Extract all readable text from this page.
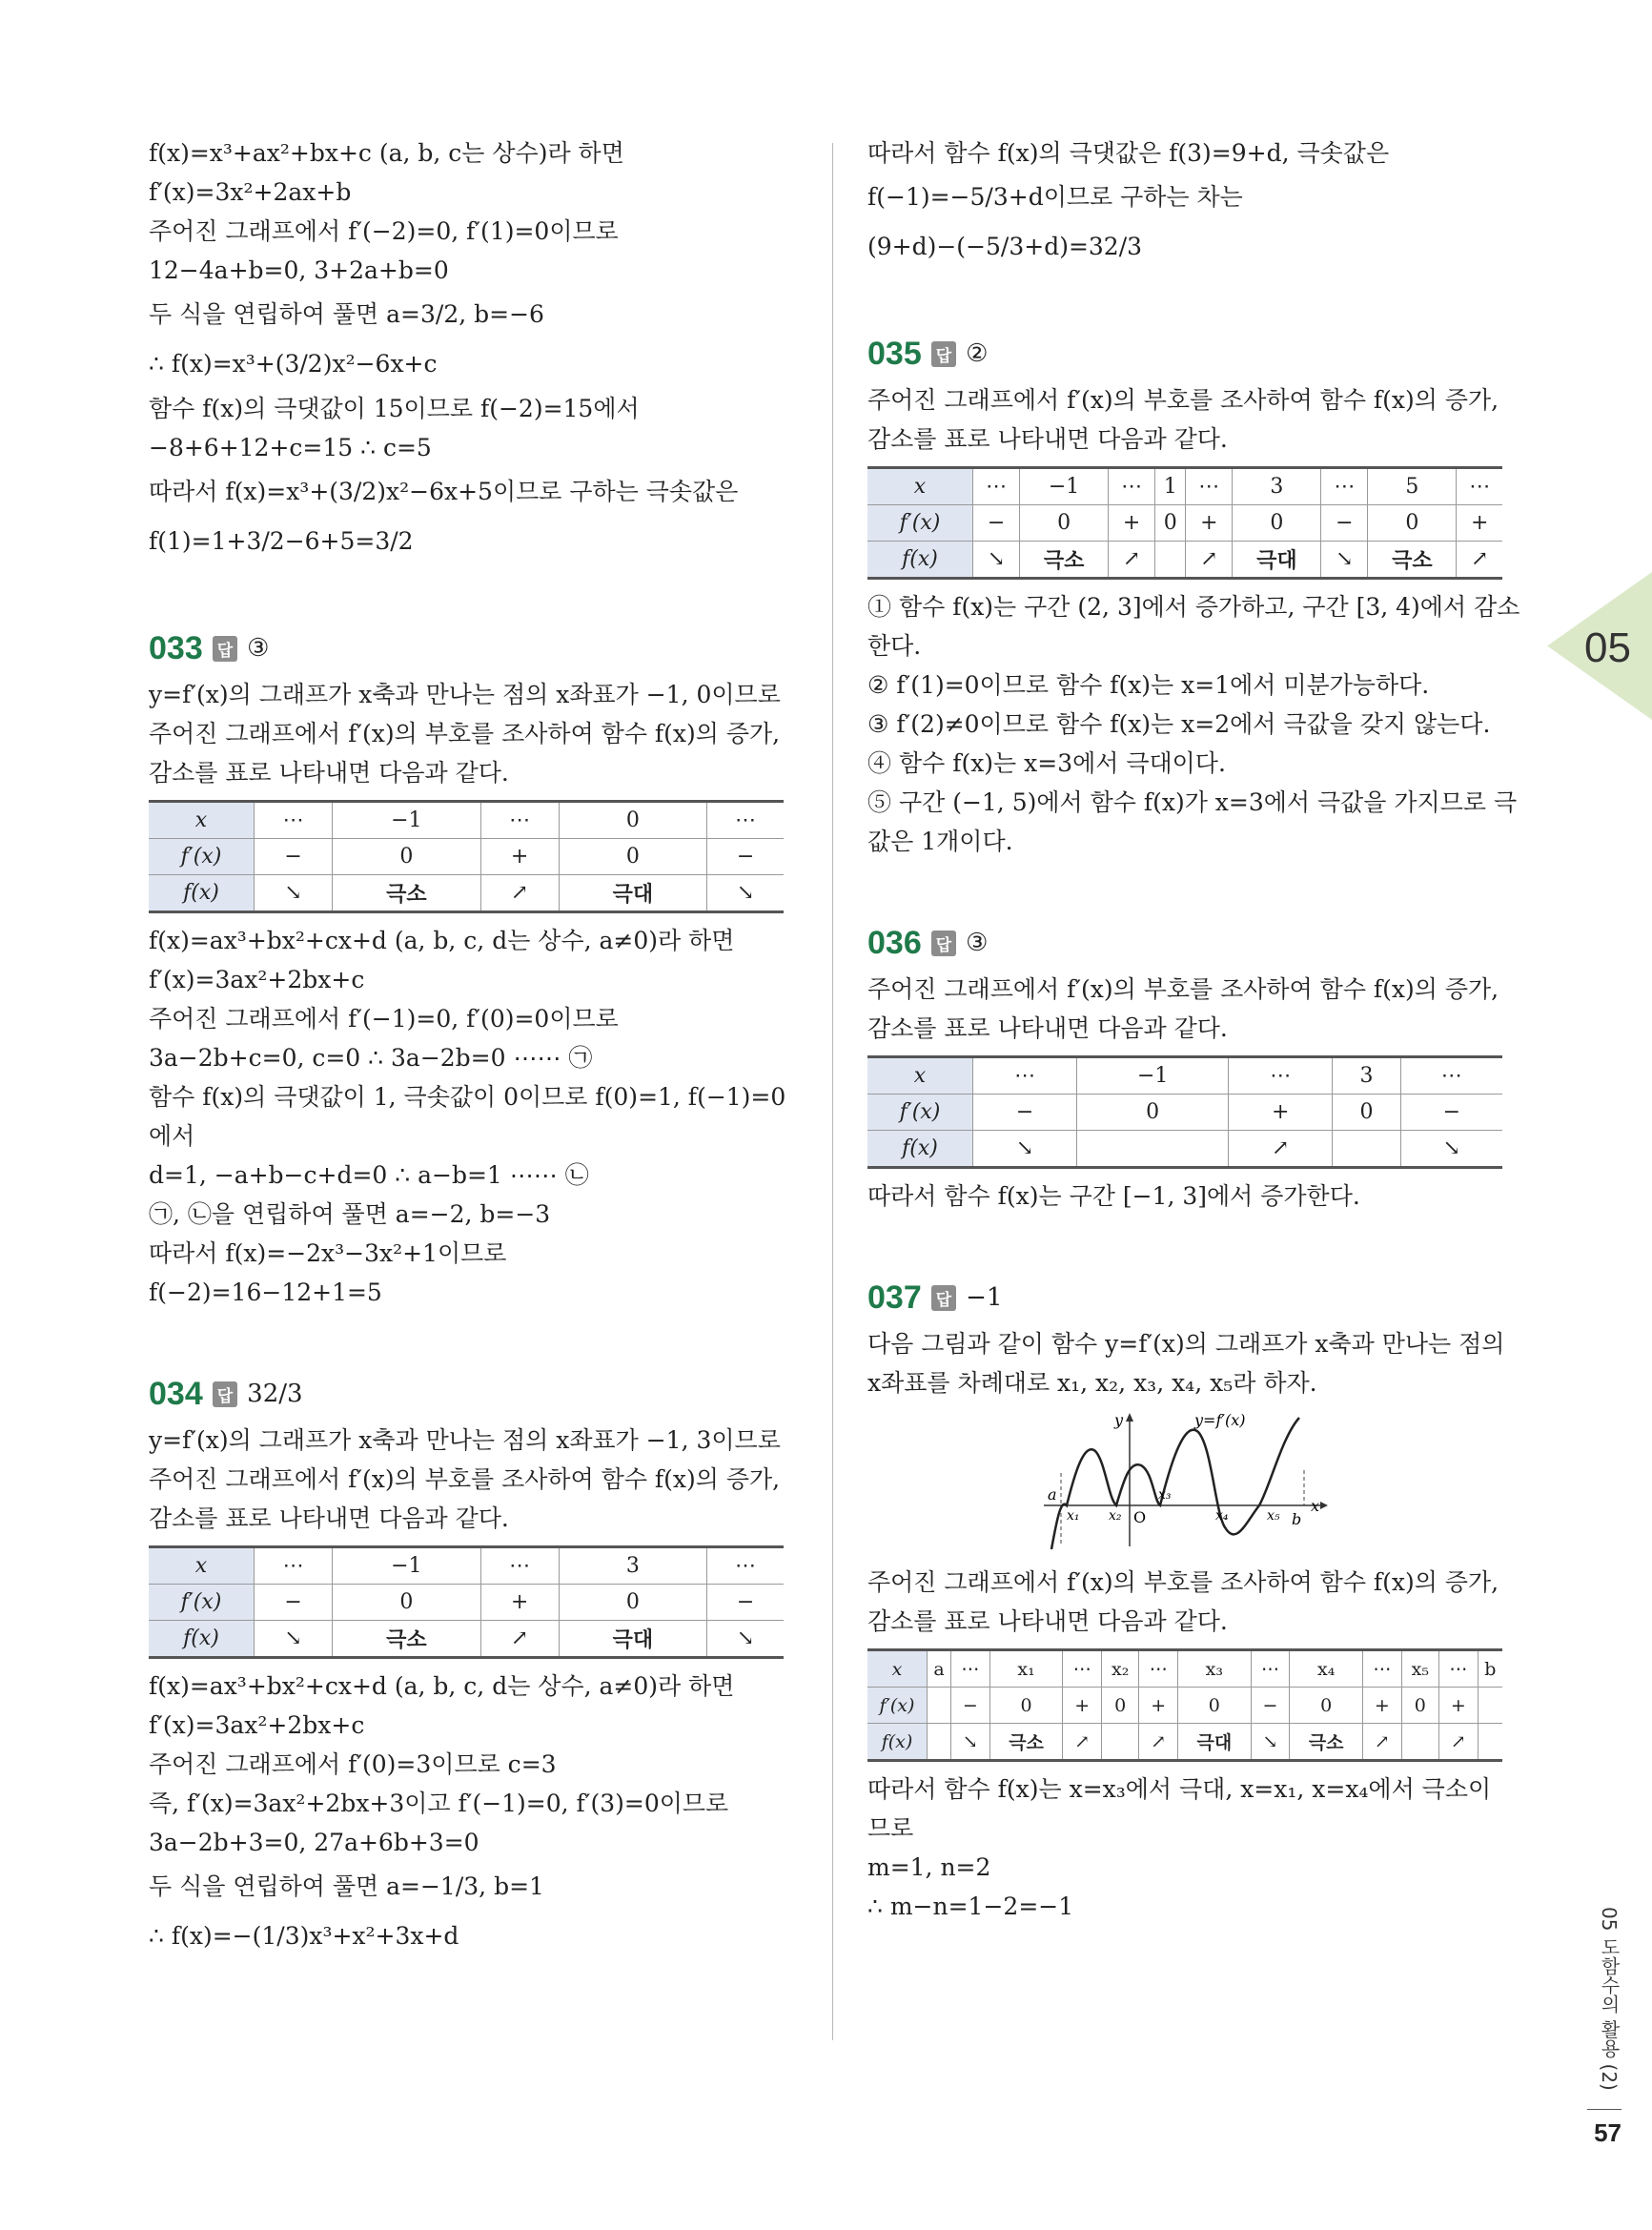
f(x)=x³+ax²+bx+c (a, b, c는 상수)라 하면
f′(x)=3x²+2ax+b
주어진 그래프에서 f′(−2)=0, f′(1)=0이므로
12−4a+b=0, 3+2a+b=0
두 식을 연립하여 풀면 a=3/2, b=−6
∴ f(x)=x³+(3/2)x²−6x+c
함수 f(x)의 극댓값이 15이므로 f(−2)=15에서
−8+6+12+c=15 ∴ c=5
따라서 f(x)=x³+(3/2)x²−6x+5이므로 구하는 극솟값은
f(1)=1+3/2−6+5=3/2
033 답 ③
y=f′(x)의 그래프가 x축과 만나는 점의 x좌표가 −1, 0이므로
주어진 그래프에서 f′(x)의 부호를 조사하여 함수 f(x)의 증가,
감소를 표로 나타내면 다음과 같다.
x	⋯	−1	⋯	0	⋯
f′(x)	−	0	+	0	−
f(x)	↘	극소	↗	극대	↘
f(x)=ax³+bx²+cx+d (a, b, c, d는 상수, a≠0)라 하면
f′(x)=3ax²+2bx+c
주어진 그래프에서 f′(−1)=0, f′(0)=0이므로
3a−2b+c=0, c=0 ∴ 3a−2b=0 ⋯⋯ ㉠
함수 f(x)의 극댓값이 1, 극솟값이 0이므로 f(0)=1, f(−1)=0
에서
d=1, −a+b−c+d=0 ∴ a−b=1 ⋯⋯ ㉡
㉠, ㉡을 연립하여 풀면 a=−2, b=−3
따라서 f(x)=−2x³−3x²+1이므로
f(−2)=16−12+1=5
034 답 32/3
y=f′(x)의 그래프가 x축과 만나는 점의 x좌표가 −1, 3이므로
주어진 그래프에서 f′(x)의 부호를 조사하여 함수 f(x)의 증가,
감소를 표로 나타내면 다음과 같다.
x	⋯	−1	⋯	3	⋯
f′(x)	−	0	+	0	−
f(x)	↘	극소	↗	극대	↘
f(x)=ax³+bx²+cx+d (a, b, c, d는 상수, a≠0)라 하면
f′(x)=3ax²+2bx+c
주어진 그래프에서 f′(0)=3이므로 c=3
즉, f′(x)=3ax²+2bx+3이고 f′(−1)=0, f′(3)=0이므로
3a−2b+3=0, 27a+6b+3=0
두 식을 연립하여 풀면 a=−1/3, b=1
∴ f(x)=−(1/3)x³+x²+3x+d
따라서 함수 f(x)의 극댓값은 f(3)=9+d, 극솟값은
f(−1)=−5/3+d이므로 구하는 차는
(9+d)−(−5/3+d)=32/3
035 답 ②
주어진 그래프에서 f′(x)의 부호를 조사하여 함수 f(x)의 증가,
감소를 표로 나타내면 다음과 같다.
x	⋯	−1	⋯	1	⋯	3	⋯	5	⋯
f′(x)	−	0	+	0	+	0	−	0	+
f(x)	↘	극소	↗		↗	극대	↘	극소	↗
① 함수 f(x)는 구간 (2, 3]에서 증가하고, 구간 [3, 4)에서 감소
한다.
② f′(1)=0이므로 함수 f(x)는 x=1에서 미분가능하다.
③ f′(2)≠0이므로 함수 f(x)는 x=2에서 극값을 갖지 않는다.
④ 함수 f(x)는 x=3에서 극대이다.
⑤ 구간 (−1, 5)에서 함수 f(x)가 x=3에서 극값을 가지므로 극
값은 1개이다.
036 답 ③
주어진 그래프에서 f′(x)의 부호를 조사하여 함수 f(x)의 증가,
감소를 표로 나타내면 다음과 같다.
x	⋯	−1	⋯	3	⋯
f′(x)	−	0	+	0	−
f(x)	↘		↗		↘
따라서 함수 f(x)는 구간 [−1, 3]에서 증가한다.
037 답 −1
다음 그림과 같이 함수 y=f′(x)의 그래프가 x축과 만나는 점의
x좌표를 차례대로 x₁, x₂, x₃, x₄, x₅라 하자.
x
y	y=f′(x)
O
a
b
x₁ x₂
x₃
x₄	x₅
주어진 그래프에서 f′(x)의 부호를 조사하여 함수 f(x)의 증가,
감소를 표로 나타내면 다음과 같다.
x	a	⋯	x₁	⋯	x₂	⋯	x₃	⋯	x₄	⋯	x₅	⋯	b
f′(x)		−	0	+	0	+	0	−	0	+	0	+	
f(x)		↘	극소	↗		↗	극대	↘	극소	↗		↗	
따라서 함수 f(x)는 x=x₃에서 극대, x=x₁, x=x₄에서 극소이
므로
m=1, n=2
∴ m−n=1−2=−1
05
05 도함수의 활용 (2)
57
